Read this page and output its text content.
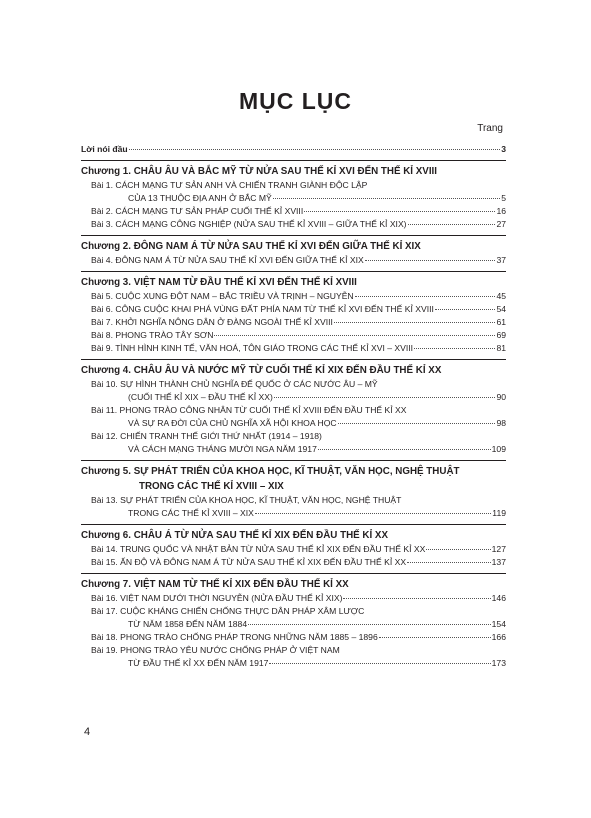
MỤC LỤC
Trang
Lời nói đầu	3
Chương 1. CHÂU ÂU VÀ BẮC MỸ TỪ NỬA SAU THẾ KỈ XVI ĐẾN THẾ KỈ XVIII
Bài 1. CÁCH MẠNG TƯ SẢN ANH VÀ CHIẾN TRANH GIÀNH ĐỘC LẬP
CỦA 13 THUỘC ĐỊA ANH Ở BẮC MỸ	5
Bài 2. CÁCH MẠNG TƯ SẢN PHÁP CUỐI THẾ KỈ XVIII	16
Bài 3. CÁCH MẠNG CÔNG NGHIỆP (NỬA SAU THẾ KỈ XVIII – GIỮA THẾ KỈ XIX)	27
Chương 2. ĐÔNG NAM Á TỪ NỬA SAU THẾ KỈ XVI ĐẾN GIỮA THẾ KỈ XIX
Bài 4. ĐÔNG NAM Á TỪ NỬA SAU THẾ KỈ XVI ĐẾN GIỮA THẾ KỈ XIX	37
Chương 3. VIỆT NAM TỪ ĐẦU THẾ KỈ XVI ĐẾN THẾ KỈ XVIII
Bài 5. CUỘC XUNG ĐỘT NAM – BẮC TRIỀU VÀ TRỊNH – NGUYỄN	45
Bài 6. CÔNG CUỘC KHAI PHÁ VÙNG ĐẤT PHÍA NAM TỪ THẾ KỈ XVI ĐẾN THẾ KỈ XVIII	54
Bài 7. KHỞI NGHĨA NÔNG DÂN Ở ĐÀNG NGOÀI THẾ KỈ XVIII	61
Bài 8. PHONG TRÀO TÂY SƠN	69
Bài 9. TÌNH HÌNH KINH TẾ, VĂN HOÁ, TÔN GIÁO TRONG CÁC THẾ KỈ XVI – XVIII	81
Chương 4. CHÂU ÂU VÀ NƯỚC MỸ TỪ CUỐI THẾ KỈ XIX ĐẾN ĐẦU THẾ KỈ XX
Bài 10. SỰ HÌNH THÀNH CHỦ NGHĨA ĐẾ QUỐC Ở CÁC NƯỚC ÂU – MỸ
(CUỐI THẾ KỈ XIX – ĐẦU THẾ KỈ XX)	90
Bài 11. PHONG TRÀO CÔNG NHÂN TỪ CUỐI THẾ KỈ XVIII ĐẾN ĐẦU THẾ KỈ XX
VÀ SỰ RA ĐỜI CỦA CHỦ NGHĨA XÃ HỘI KHOA HỌC	98
Bài 12. CHIẾN TRANH THẾ GIỚI THỨ NHẤT (1914 – 1918)
VÀ CÁCH MẠNG THÁNG MƯỜI NGA NĂM 1917	109
Chương 5. SỰ PHÁT TRIỂN CỦA KHOA HỌC, KĨ THUẬT, VĂN HỌC, NGHỆ THUẬT
TRONG CÁC THẾ KỈ XVIII – XIX
Bài 13. SỰ PHÁT TRIỂN CỦA KHOA HỌC, KĨ THUẬT, VĂN HỌC, NGHỆ THUẬT
TRONG CÁC THẾ KỈ XVIII – XIX	119
Chương 6. CHÂU Á TỪ NỬA SAU THẾ KỈ XIX ĐẾN ĐẦU THẾ KỈ XX
Bài 14. TRUNG QUỐC VÀ NHẬT BẢN TỪ NỬA SAU THẾ KỈ XIX ĐẾN ĐẦU THẾ KỈ XX	127
Bài 15. ẤN ĐỘ VÀ ĐÔNG NAM Á TỪ NỬA SAU THẾ KỈ XIX ĐẾN ĐẦU THẾ KỈ XX	137
Chương 7. VIỆT NAM TỪ THẾ KỈ XIX ĐẾN ĐẦU THẾ KỈ XX
Bài 16. VIỆT NAM DƯỚI THỜI NGUYỄN (NỬA ĐẦU THẾ KỈ XIX)	146
Bài 17. CUỘC KHÁNG CHIẾN CHỐNG THỰC DÂN PHÁP XÂM LƯỢC
TỪ NĂM 1858 ĐẾN NĂM 1884	154
Bài 18. PHONG TRÀO CHỐNG PHÁP TRONG NHỮNG NĂM 1885 – 1896	166
Bài 19. PHONG TRÀO YÊU NƯỚC CHỐNG PHÁP Ở VIỆT NAM
TỪ ĐẦU THẾ KỈ XX ĐẾN NĂM 1917	173
4
